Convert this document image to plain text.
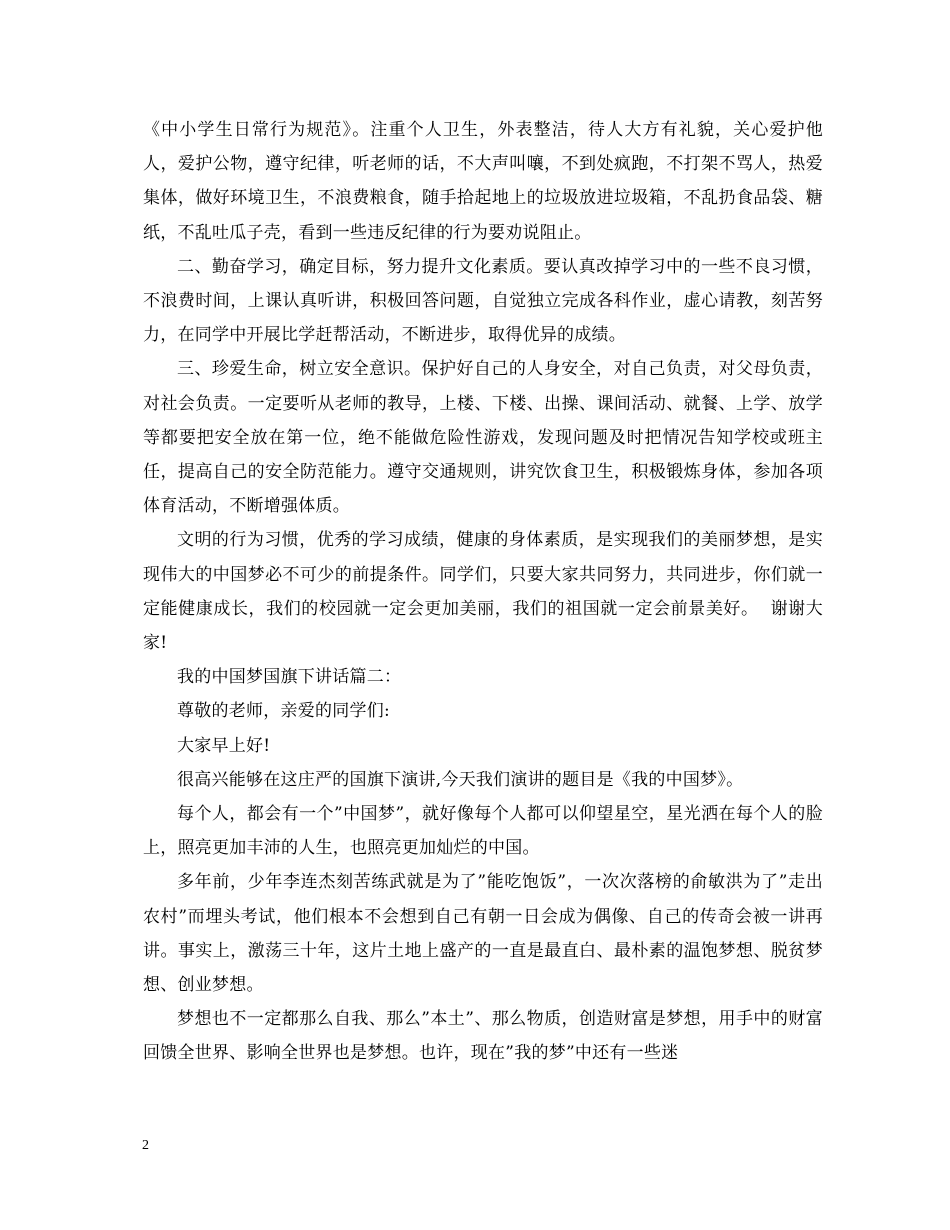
《中小学生日常行为规范》。注重个人卫生，外表整洁，待人大方有礼貌，关心爱护他人，爱护公物，遵守纪律，听老师的话，不大声叫嚷，不到处疯跑，不打架不骂人，热爱集体，做好环境卫生，不浪费粮食，随手拾起地上的垃圾放进垃圾箱，不乱扔食品袋、糖纸，不乱吐瓜子壳，看到一些违反纪律的行为要劝说阻止。

二、勤奋学习，确定目标，努力提升文化素质。要认真改掉学习中的一些不良习惯，不浪费时间，上课认真听讲，积极回答问题，自觉独立完成各科作业，虚心请教，刻苦努力，在同学中开展比学赶帮活动，不断进步，取得优异的成绩。

三、珍爱生命，树立安全意识。保护好自己的人身安全，对自己负责，对父母负责，对社会负责。一定要听从老师的教导，上楼、下楼、出操、课间活动、就餐、上学、放学等都要把安全放在第一位，绝不能做危险性游戏，发现问题及时把情况告知学校或班主任，提高自己的安全防范能力。遵守交通规则，讲究饮食卫生，积极锻炼身体，参加各项体育活动，不断增强体质。

文明的行为习惯，优秀的学习成绩，健康的身体素质，是实现我们的美丽梦想，是实现伟大的中国梦必不可少的前提条件。同学们，只要大家共同努力，共同进步，你们就一定能健康成长，我们的校园就一定会更加美丽，我们的祖国就一定会前景美好。  谢谢大家!

我的中国梦国旗下讲话篇二：

尊敬的老师，亲爱的同学们:

大家早上好!

很高兴能够在这庄严的国旗下演讲,今天我们演讲的题目是《我的中国梦》。

每个人，都会有一个”中国梦”，就好像每个人都可以仰望星空，星光洒在每个人的脸上，照亮更加丰沛的人生，也照亮更加灿烂的中国。

多年前，少年李连杰刻苦练武就是为了”能吃饱饭”，一次次落榜的俞敏洪为了”走出农村”而埋头考试，他们根本不会想到自己有朝一日会成为偶像、自己的传奇会被一讲再讲。事实上，激荡三十年，这片土地上盛产的一直是最直白、最朴素的温饱梦想、脱贫梦想、创业梦想。

梦想也不一定都那么自我、那么”本土”、那么物质，创造财富是梦想，用手中的财富回馈全世界、影响全世界也是梦想。也许，现在”我的梦”中还有一些迷

2
